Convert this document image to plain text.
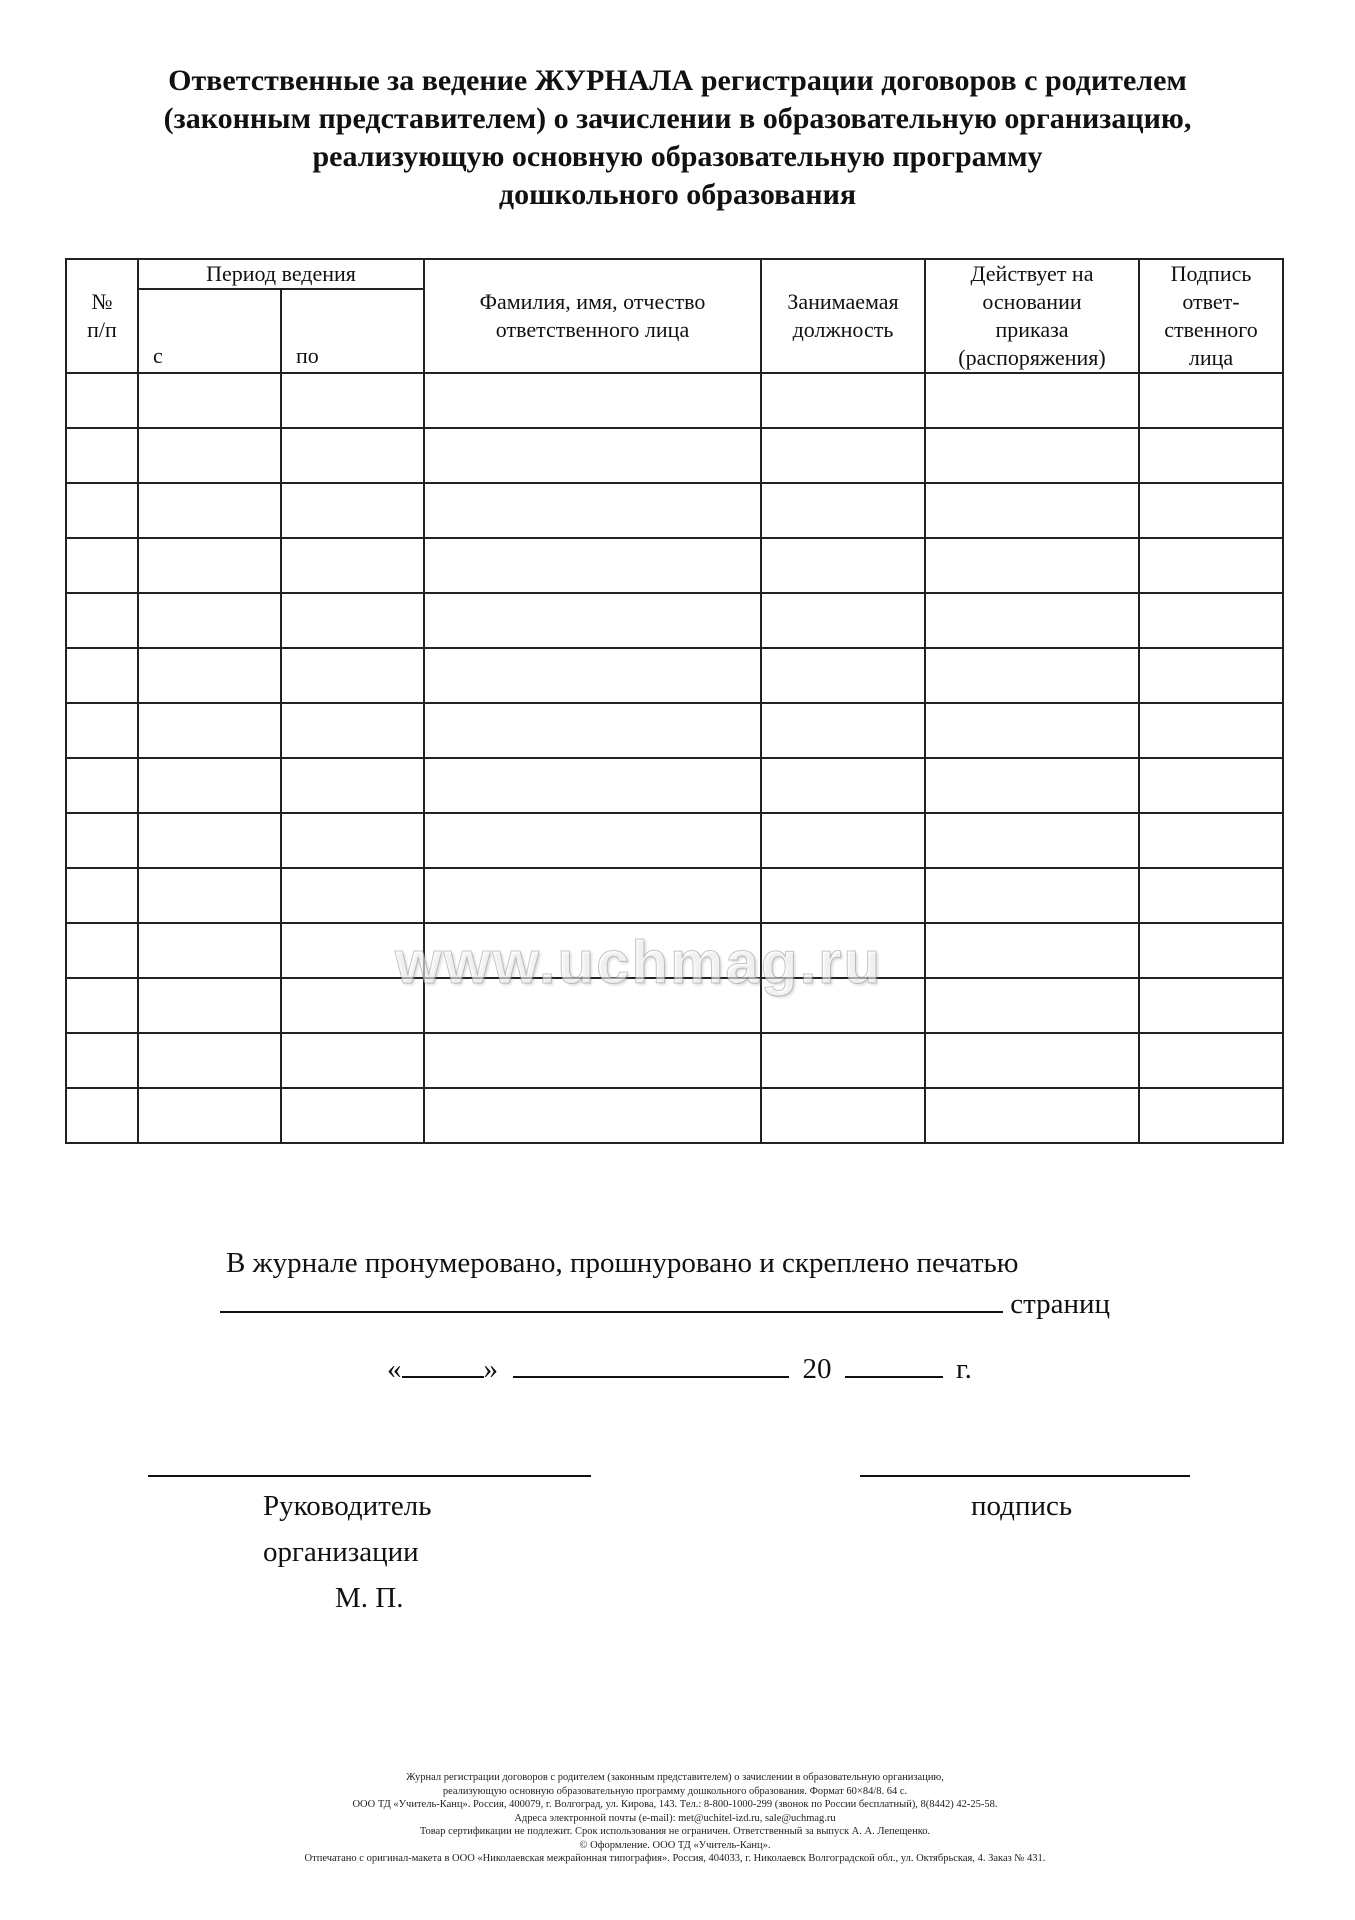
Ответственные за ведение ЖУРНАЛА регистрации договоров с родителем
(законным представителем) о зачислении в образовательную организацию,
реализующую основную образовательную программу
дошкольного образования
№ п/п	Период ведения		Фамилия, имя, отчество ответственного лица	Занимаемая должность	Действует на основании приказа (распоряжения)	Подпись ответ-ственного лица
	с	по				

www.uchmag.ru
В журнале пронумеровано, прошнуровано и скреплено печатью
страниц
«	»	20	г.
Руководитель
организации
М. П.
подпись
Журнал регистрации договоров с родителем (законным представителем) о зачислении в образовательную организацию,
реализующую основную образовательную программу дошкольного образования. Формат 60×84/8. 64 с.
ООО ТД «Учитель-Канц». Россия, 400079, г. Волгоград, ул. Кирова, 143. Тел.: 8-800-1000-299 (звонок по России бесплатный), 8(8442) 42-25-58.
Адреса электронной почты (e-mail): met@uchitel-izd.ru, sale@uchmag.ru
Товар сертификации не подлежит. Срок использования не ограничен. Ответственный за выпуск А. А. Лепещенко.
© Оформление. ООО ТД «Учитель-Канц».
Отпечатано с оригинал-макета в ООО «Николаевская межрайонная типография». Россия, 404033, г. Николаевск Волгоградской обл., ул. Октябрьская, 4. Заказ № 431.
